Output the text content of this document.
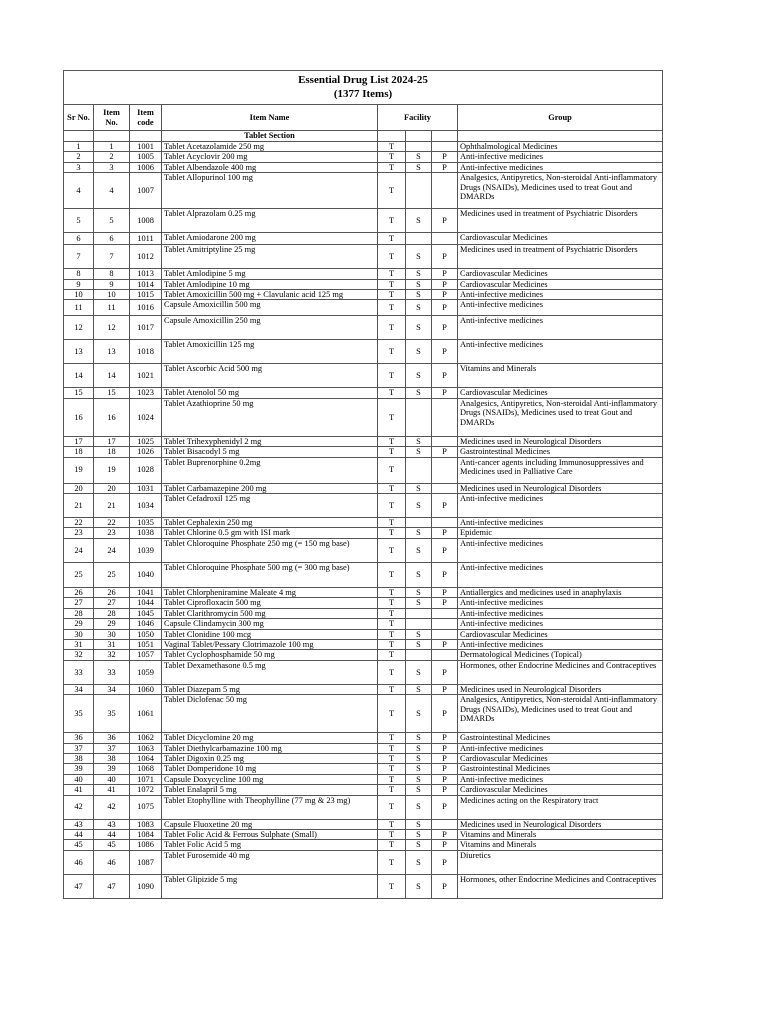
Essential Drug List 2024-25
(1377 Items)							
Sr No.	Item No.	Item code	Item Name	Facility			Group
			Tablet Section				
1	1	1001	Tablet Acetazolamide 250 mg	T			Ophthalmological Medicines
2	2	1005	Tablet Acyclovir 200 mg	T	S	P	Anti-infective medicines
3	3	1006	Tablet Albendazole 400 mg	T	S	P	Anti-infective medicines
4	4	1007	Tablet Allopurinol 100 mg	T			Analgesics, Antipyretics, Non-steroidal Anti-inflammatory Drugs (NSAIDs), Medicines used to treat Gout and DMARDs
5	5	1008	Tablet Alprazolam 0.25 mg	T	S	P	Medicines used in treatment of Psychiatric Disorders
6	6	1011	Tablet Amiodarone 200 mg	T			Cardiovascular Medicines
7	7	1012	Tablet Amitriptyline 25 mg	T	S	P	Medicines used in treatment of Psychiatric Disorders
8	8	1013	Tablet Amlodipine 5 mg	T	S	P	Cardiovascular Medicines
9	9	1014	Tablet Amlodipine 10 mg	T	S	P	Cardiovascular Medicines
10	10	1015	Tablet Amoxicillin 500 mg + Clavulanic acid 125 mg	T	S	P	Anti-infective medicines
11	11	1016	Capsule Amoxicillin 500 mg	T	S	P	Anti-infective medicines
12	12	1017	Capsule Amoxicillin 250 mg	T	S	P	Anti-infective medicines
13	13	1018	Tablet Amoxicillin 125 mg	T	S	P	Anti-infective medicines
14	14	1021	Tablet Ascorbic Acid 500 mg	T	S	P	Vitamins and Minerals
15	15	1023	Tablet Atenolol 50 mg	T	S	P	Cardiovascular Medicines
16	16	1024	Tablet Azathioprine 50 mg	T			Analgesics, Antipyretics, Non-steroidal Anti-inflammatory Drugs (NSAIDs), Medicines used to treat Gout and DMARDs
17	17	1025	Tablet Trihexyphenidyl 2 mg	T	S		Medicines used in Neurological Disorders
18	18	1026	Tablet Bisacodyl 5 mg	T	S	P	Gastrointestinal Medicines
19	19	1028	Tablet Buprenorphine 0.2mg	T			Anti-cancer agents including Immunosuppressives and Medicines used in Palliative Care
20	20	1031	Tablet Carbamazepine 200 mg	T	S		Medicines used in Neurological Disorders
21	21	1034	Tablet Cefadroxil 125 mg	T	S	P	Anti-infective medicines
22	22	1035	Tablet Cephalexin 250 mg	T			Anti-infective medicines
23	23	1038	Tablet Chlorine 0.5 gm with ISI mark	T	S	P	Epidemic
24	24	1039	Tablet Chloroquine Phosphate 250 mg (= 150 mg base)	T	S	P	Anti-infective medicines
25	25	1040	Tablet Chloroquine Phosphate 500 mg (= 300 mg base)	T	S	P	Anti-infective medicines
26	26	1041	Tablet Chlorpheniramine Maleate 4 mg	T	S	P	Antiallergics and medicines used in anaphylaxis
27	27	1044	Tablet Ciprofloxacin 500 mg	T	S	P	Anti-infective medicines
28	28	1045	Tablet Clarithromycin 500 mg	T			Anti-infective medicines
29	29	1046	Capsule Clindamycin 300 mg	T			Anti-infective medicines
30	30	1050	Tablet Clonidine 100 mcg	T	S		Cardiovascular Medicines
31	31	1051	Vaginal Tablet/Pessary Clotrimazole 100 mg	T	S	P	Anti-infective medicines
32	32	1057	Tablet Cyclophosphamide 50 mg	T			Dermatological Medicines (Topical)
33	33	1059	Tablet Dexamethasone 0.5 mg	T	S	P	Hormones, other Endocrine Medicines and Contraceptives
34	34	1060	Tablet Diazepam 5 mg	T	S	P	Medicines used in Neurological Disorders
35	35	1061	Tablet Diclofenac 50 mg	T	S	P	Analgesics, Antipyretics, Non-steroidal Anti-inflammatory Drugs (NSAIDs), Medicines used to treat Gout and DMARDs
36	36	1062	Tablet Dicyclomine 20 mg	T	S	P	Gastrointestinal Medicines
37	37	1063	Tablet Diethylcarbamazine 100 mg	T	S	P	Anti-infective medicines
38	38	1064	Tablet Digoxin 0.25 mg	T	S	P	Cardiovascular Medicines
39	39	1068	Tablet Domperidone 10 mg	T	S	P	Gastrointestinal Medicines
40	40	1071	Capsule Doxycycline 100 mg	T	S	P	Anti-infective medicines
41	41	1072	Tablet Enalapril 5 mg	T	S	P	Cardiovascular Medicines
42	42	1075	Tablet Etophylline with Theophylline (77 mg & 23 mg)	T	S	P	Medicines acting on the Respiratory tract
43	43	1083	Capsule Fluoxetine 20 mg	T	S		Medicines used in Neurological Disorders
44	44	1084	Tablet Folic Acid & Ferrous Sulphate (Small)	T	S	P	Vitamins and Minerals
45	45	1086	Tablet Folic Acid 5 mg	T	S	P	Vitamins and Minerals
46	46	1087	Tablet Furosemide 40 mg	T	S	P	Diuretics
47	47	1090	Tablet Glipizide 5 mg	T	S	P	Hormones, other Endocrine Medicines and Contraceptives
